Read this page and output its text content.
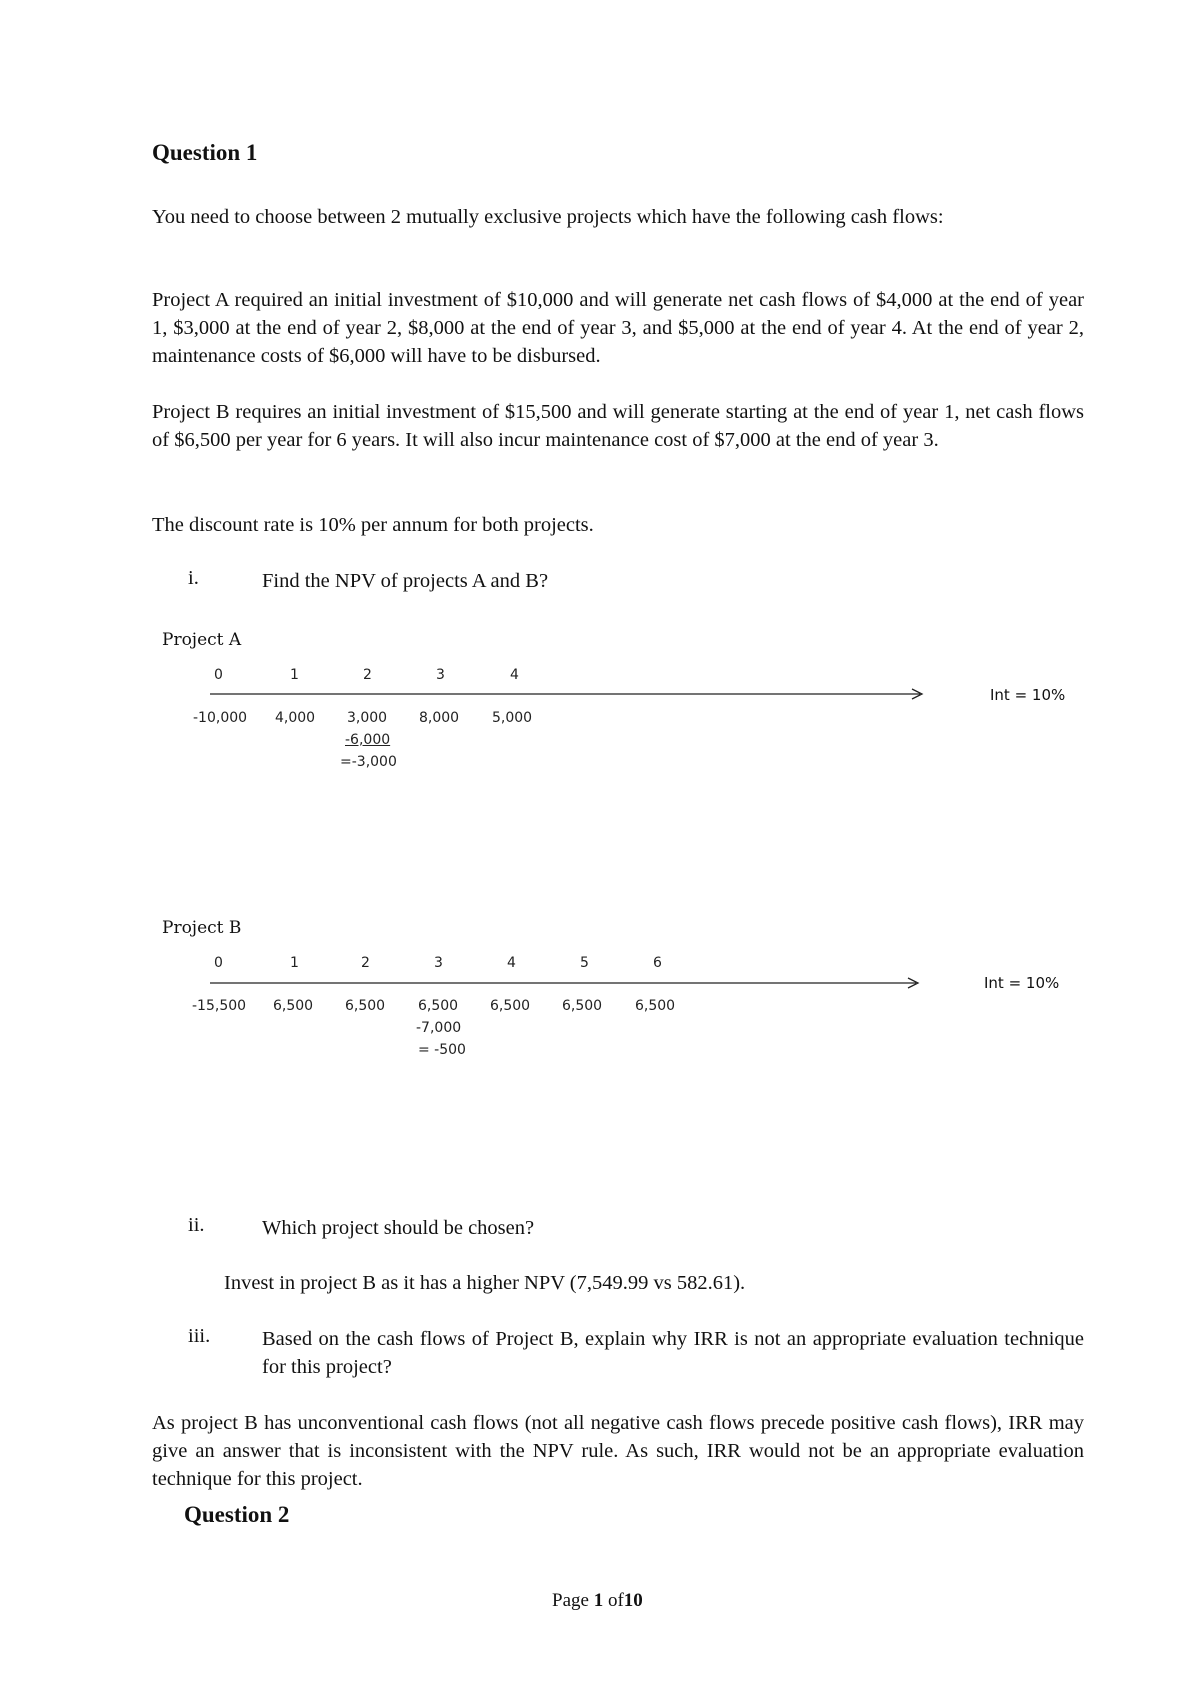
Question 1
You need to choose between 2 mutually exclusive projects which have the following cash flows:
Project A required an initial investment of $10,000 and will generate net cash flows of $4,000 at the end of year 1, $3,000 at the end of year 2, $8,000 at the end of year 3, and $5,000 at the end of year 4. At the end of year 2, maintenance costs of $6,000 will have to be disbursed.
Project B requires an initial investment of $15,500 and will generate starting at the end of year 1, net cash flows of $6,500 per year for 6 years. It will also incur maintenance cost of $7,000 at the end of year 3.
The discount rate is 10% per annum for both projects.
i.	Find the NPV of projects A and B?
Project A
0	1	2	3	4
Int = 10%
-10,000 4,000 3,000 8,000 5,000
-6,000
=-3,000
Project B
0	1	2	3	4	5	6
Int = 10%
-15,500 6,500 6,500 6,500 6,500 6,500 6,500
-7,000
= -500
ii.	Which project should be chosen?
Invest in project B as it has a higher NPV (7,549.99 vs 582.61).
iii.	Based on the cash flows of Project B, explain why IRR is not an appropriate evaluation technique for this project?
As project B has unconventional cash flows (not all negative cash flows precede positive cash flows), IRR may give an answer that is inconsistent with the NPV rule. As such, IRR would not be an appropriate evaluation technique for this project.
Question 2
Page 1 of10
